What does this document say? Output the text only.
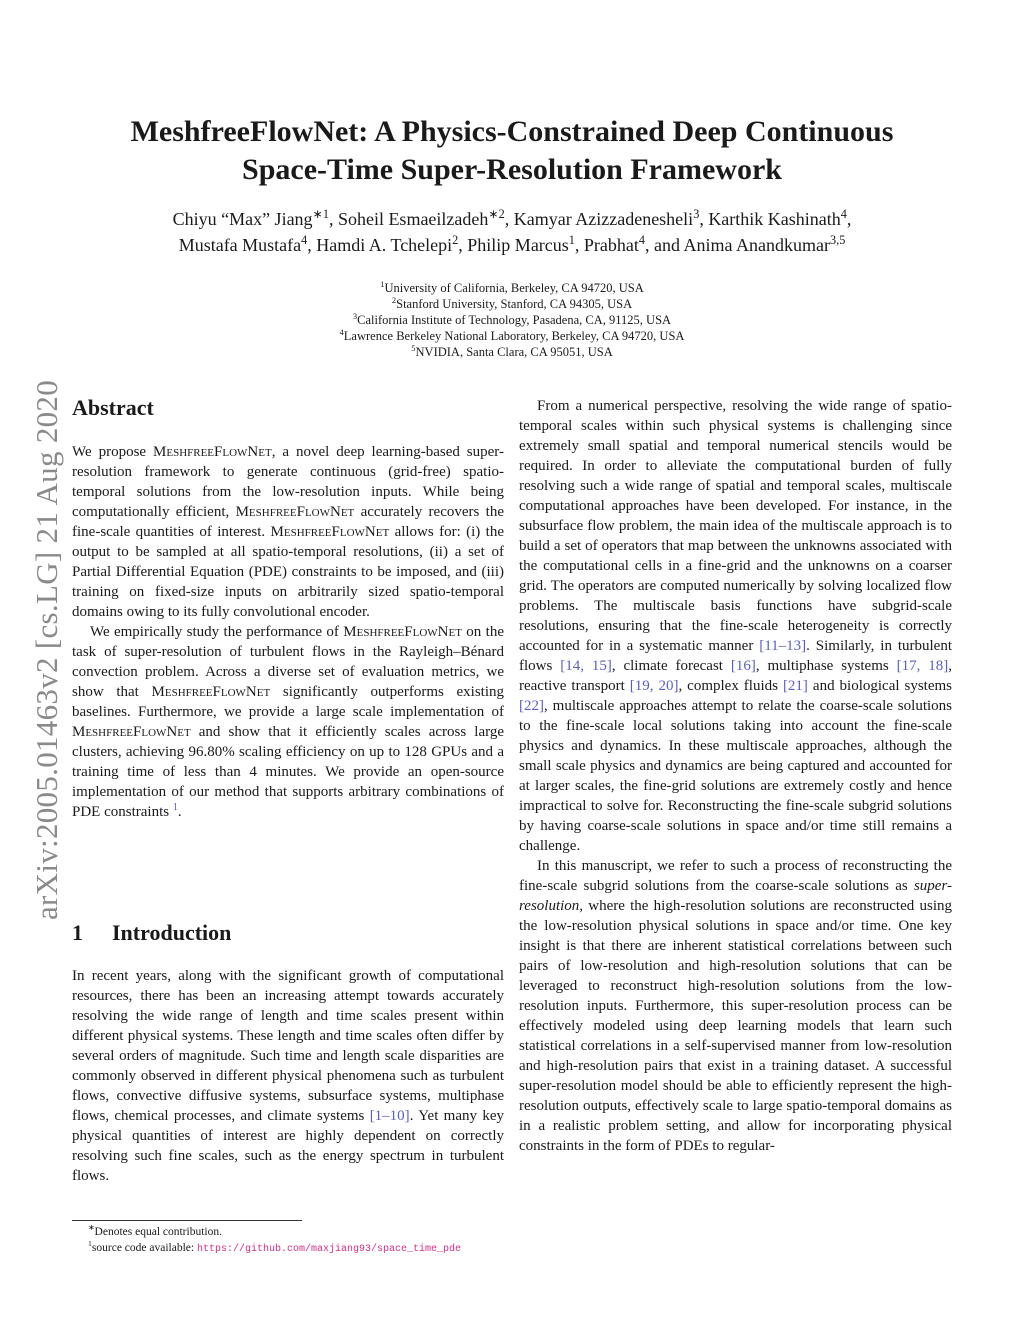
arXiv:2005.01463v2 [cs.LG] 21 Aug 2020
MeshfreeFlowNet: A Physics-Constrained Deep Continuous
Space-Time Super-Resolution Framework
Chiyu “Max” Jiang$^{∗1}$, Soheil Esmaeilzadeh$^{∗2}$, Kamyar Azizzadenesheli$^3$, Karthik Kashinath$^4$,
Mustafa Mustafa$^4$, Hamdi A. Tchelepi$^2$, Philip Marcus$^1$, Prabhat$^4$, and Anima Anandkumar$^{3,5}$
$^1$University of California, Berkeley, CA 94720, USA
$^2$Stanford University, Stanford, CA 94305, USA
$^3$California Institute of Technology, Pasadena, CA, 91125, USA
$^4$Lawrence Berkeley National Laboratory, Berkeley, CA 94720, USA
$^5$NVIDIA, Santa Clara, CA 95051, USA
Abstract

We propose MeshfreeFlowNet, a novel deep learning-based super-resolution framework to generate continuous (grid-free) spatio-temporal solutions from the low-resolution inputs. While being computationally efficient, MeshfreeFlowNet accurately recovers the fine-scale quantities of interest. MeshfreeFlowNet allows for: (i) the output to be sampled at all spatio-temporal resolutions, (ii) a set of Partial Differential Equation (PDE) constraints to be imposed, and (iii) training on fixed-size inputs on arbitrarily sized spatio-temporal domains owing to its fully convolutional encoder.

We empirically study the performance of MeshfreeFlowNet on the task of super-resolution of turbulent flows in the Rayleigh–Bénard convection problem. Across a diverse set of evaluation metrics, we show that MeshfreeFlowNet significantly outperforms existing baselines. Furthermore, we provide a large scale implementation of MeshfreeFlowNet and show that it efficiently scales across large clusters, achieving 96.80% scaling efficiency on up to 128 GPUs and a training time of less than 4 minutes. We provide an open-source implementation of our method that supports arbitrary combinations of PDE constraints $^1$.

1 Introduction

In recent years, along with the significant growth of computational resources, there has been an increasing attempt towards accurately resolving the wide range of length and time scales present within different physical systems. These length and time scales often differ by several orders of magnitude. Such time and length scale disparities are commonly observed in different physical phenomena such as turbulent flows, convective diffusive systems, subsurface systems, multiphase flows, chemical processes, and climate systems [1–10]. Yet many key physical quantities of interest are highly dependent on correctly resolving such fine scales, such as the energy spectrum in turbulent flows.

From a numerical perspective, resolving the wide range of spatio-temporal scales within such physical systems is challenging since extremely small spatial and temporal numerical stencils would be required. In order to alleviate the computational burden of fully resolving such a wide range of spatial and temporal scales, multiscale computational approaches have been developed. For instance, in the subsurface flow problem, the main idea of the multiscale approach is to build a set of operators that map between the unknowns associated with the computational cells in a fine-grid and the unknowns on a coarser grid. The operators are computed numerically by solving localized flow problems. The multiscale basis functions have subgrid-scale resolutions, ensuring that the fine-scale heterogeneity is correctly accounted for in a systematic manner [11–13]. Similarly, in turbulent flows [14, 15], climate forecast [16], multiphase systems [17, 18], reactive transport [19, 20], complex fluids [21] and biological systems [22], multiscale approaches attempt to relate the coarse-scale solutions to the fine-scale local solutions taking into account the fine-scale physics and dynamics. In these multiscale approaches, although the small scale physics and dynamics are being captured and accounted for at larger scales, the fine-grid solutions are extremely costly and hence impractical to solve for. Reconstructing the fine-scale subgrid solutions by having coarse-scale solutions in space and/or time still remains a challenge.

In this manuscript, we refer to such a process of reconstructing the fine-scale subgrid solutions from the coarse-scale solutions as super-resolution, where the high-resolution solutions are reconstructed using the low-resolution physical solutions in space and/or time. One key insight is that there are inherent statistical correlations between such pairs of low-resolution and high-resolution solutions that can be leveraged to reconstruct high-resolution solutions from the low-resolution inputs. Furthermore, this super-resolution process can be effectively modeled using deep learning models that learn such statistical correlations in a self-supervised manner from low-resolution and high-resolution pairs that exist in a training dataset. A successful super-resolution model should be able to efficiently represent the high-resolution outputs, effectively scale to large spatio-temporal domains as in a realistic problem setting, and allow for incorporating physical constraints in the form of PDEs to regular-

∗Denotes equal contribution.
$^1$source code available: https://github.com/maxjiang93/space_time_pde
